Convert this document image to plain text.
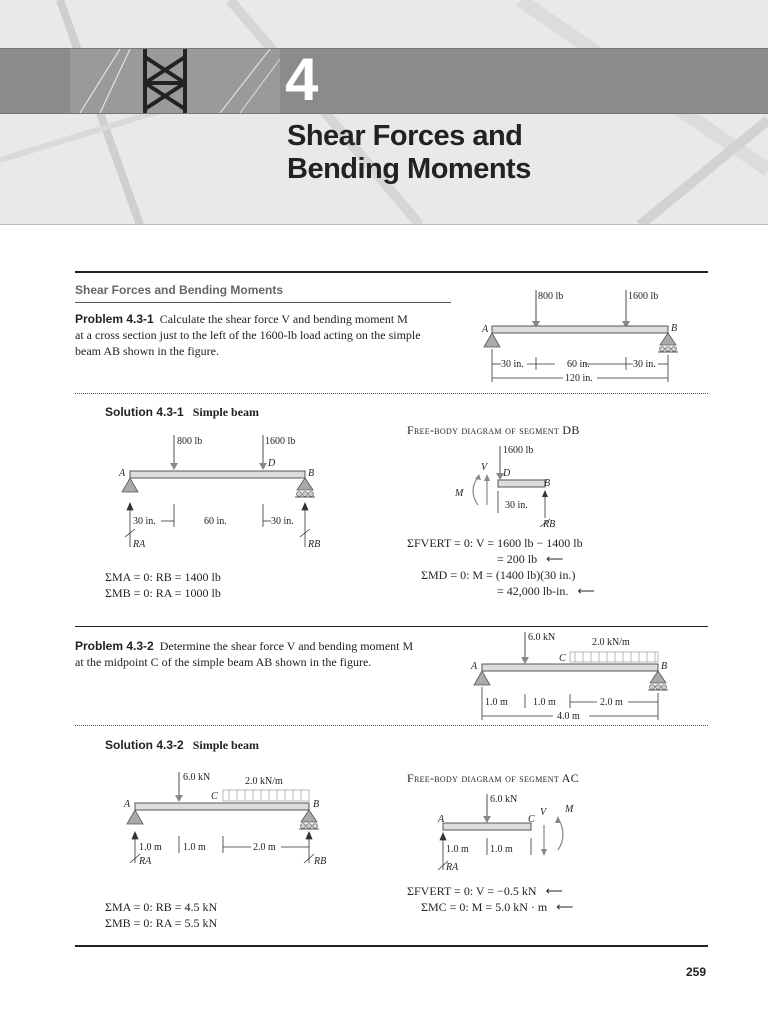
4
Shear Forces and
Bending Moments
Shear Forces and Bending Moments
Problem 4.3-1 Calculate the shear force V and bending moment M
at a cross section just to the left of the 1600-lb load acting on the simple
beam AB shown in the figure.
800 lb	1600 lb
A	B
30 in.	60 in.	30 in.
120 in.
Solution 4.3-1 Simple beam
800 lb	1600 lb
D
A	B
30 in.	60 in.	30 in.
RA	RB
ΣMA = 0: RB = 1400 lb
ΣMB = 0: RA = 1000 lb
Free-body diagram of segment DB
1600 lb
D
V
M
B
RB
30 in.
ΣFVERT = 0: V = 1600 lb − 1400 lb
= 200 lb   ⟵
ΣMD = 0: M = (1400 lb)(30 in.)
= 42,000 lb-in.   ⟵
Problem 4.3-2 Determine the shear force V and bending moment M
at the midpoint C of the simple beam AB shown in the figure.
6.0 kN	2.0 kN/m
C
A	B
1.0 m	1.0 m	2.0 m
4.0 m
Solution 4.3-2 Simple beam
6.0 kN	2.0 kN/m
C
A	B
1.0 m 1.0 m	2.0 m
RA	RB
ΣMA = 0: RB = 4.5 kN
ΣMB = 0: RA = 5.5 kN
Free-body diagram of segment AC
6.0 kN
A	C
V M
1.0 m 1.0 m
RA
ΣFVERT = 0: V = −0.5 kN   ⟵
ΣMC = 0: M = 5.0 kN · m   ⟵
259
